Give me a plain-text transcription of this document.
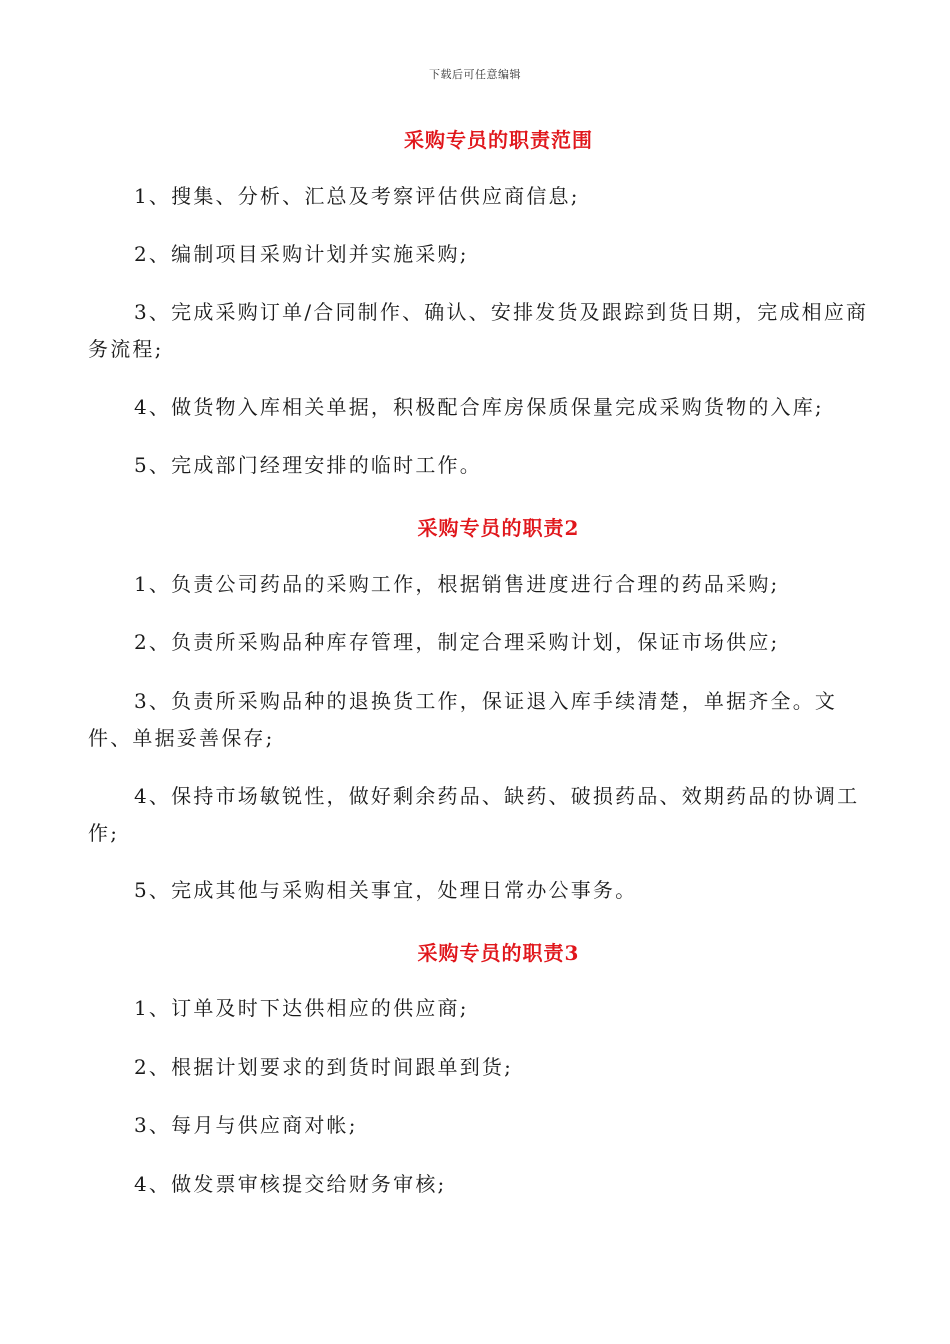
下载后可任意编辑
采购专员的职责范围
1、搜集、分析、汇总及考察评估供应商信息;
2、编制项目采购计划并实施采购;
3、完成采购订单/合同制作、确认、安排发货及跟踪到货日期，完成相应商务流程;
4、做货物入库相关单据，积极配合库房保质保量完成采购货物的入库;
5、完成部门经理安排的临时工作。
采购专员的职责2
1、负责公司药品的采购工作，根据销售进度进行合理的药品采购;
2、负责所采购品种库存管理，制定合理采购计划，保证市场供应;
3、负责所采购品种的退换货工作，保证退入库手续清楚，单据齐全。文件、单据妥善保存;
4、保持市场敏锐性，做好剩余药品、缺药、破损药品、效期药品的协调工作;
5、完成其他与采购相关事宜，处理日常办公事务。
采购专员的职责3
1、订单及时下达供相应的供应商;
2、根据计划要求的到货时间跟单到货;
3、每月与供应商对帐;
4、做发票审核提交给财务审核;
